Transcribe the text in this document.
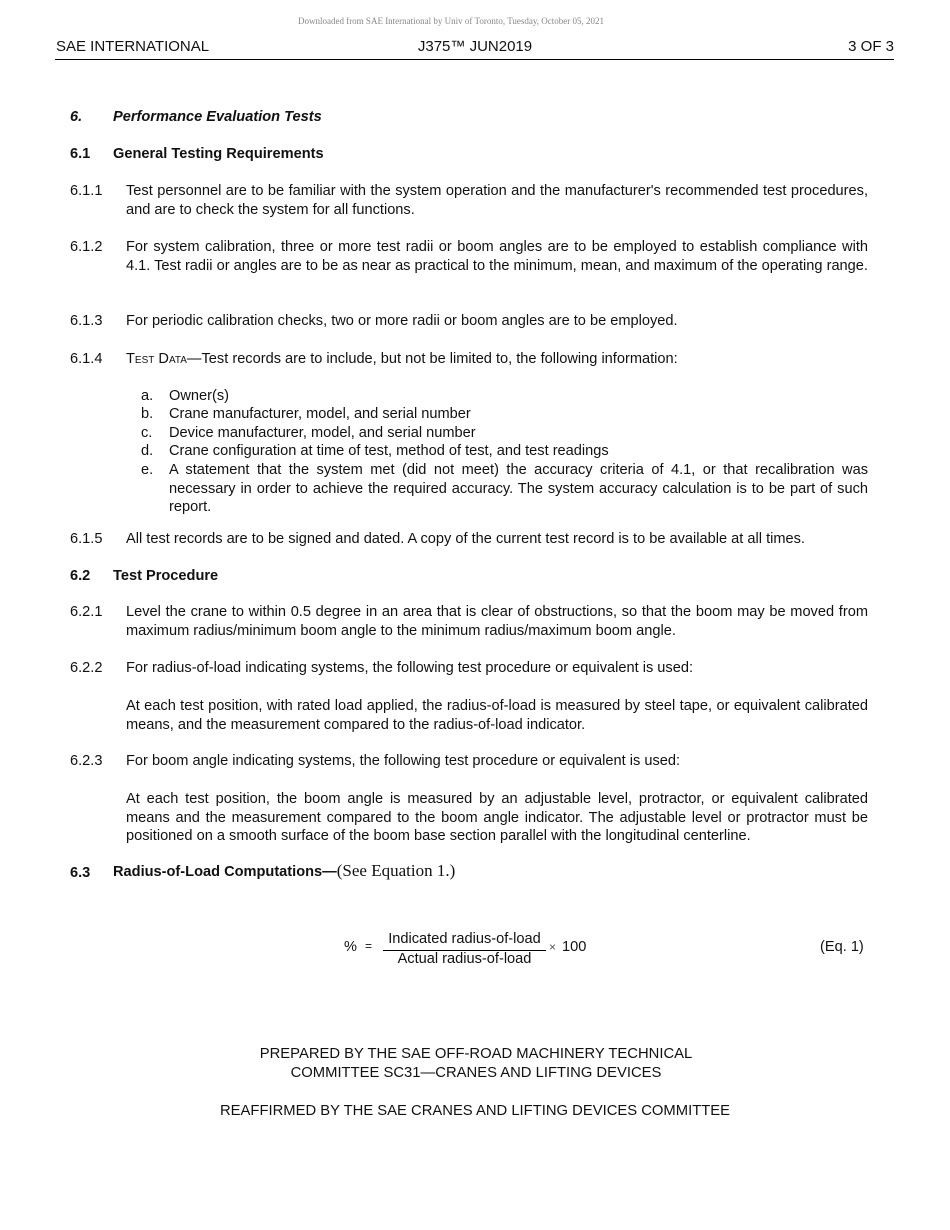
Downloaded from SAE International by Univ of Toronto, Tuesday, October 05, 2021
SAE INTERNATIONAL	J375™ JUN2019	3 OF 3
6. Performance Evaluation Tests
6.1 General Testing Requirements
6.1.1 Test personnel are to be familiar with the system operation and the manufacturer's recommended test procedures, and are to check the system for all functions.
6.1.2 For system calibration, three or more test radii or boom angles are to be employed to establish compliance with 4.1. Test radii or angles are to be as near as practical to the minimum, mean, and maximum of the operating range.
6.1.3 For periodic calibration checks, two or more radii or boom angles are to be employed.
6.1.4 Test Data—Test records are to include, but not be limited to, the following information:
a. Owner(s)
b. Crane manufacturer, model, and serial number
c. Device manufacturer, model, and serial number
d. Crane configuration at time of test, method of test, and test readings
e. A statement that the system met (did not meet) the accuracy criteria of 4.1, or that recalibration was necessary in order to achieve the required accuracy. The system accuracy calculation is to be part of such report.
6.1.5 All test records are to be signed and dated. A copy of the current test record is to be available at all times.
6.2 Test Procedure
6.2.1 Level the crane to within 0.5 degree in an area that is clear of obstructions, so that the boom may be moved from maximum radius/minimum boom angle to the minimum radius/maximum boom angle.
6.2.2 For radius-of-load indicating systems, the following test procedure or equivalent is used:
At each test position, with rated load applied, the radius-of-load is measured by steel tape, or equivalent calibrated means, and the measurement compared to the radius-of-load indicator.
6.2.3 For boom angle indicating systems, the following test procedure or equivalent is used:
At each test position, the boom angle is measured by an adjustable level, protractor, or equivalent calibrated means and the measurement compared to the boom angle indicator. The adjustable level or protractor must be positioned on a smooth surface of the boom base section parallel with the longitudinal centerline.
6.3 Radius-of-Load Computations—(See Equation 1.)
% =	Indicated radius-of-load
Actual radius-of-load
× 100	(Eq. 1)
PREPARED BY THE SAE OFF-ROAD MACHINERY TECHNICAL
COMMITTEE SC31—CRANES AND LIFTING DEVICES
REAFFIRMED BY THE SAE CRANES AND LIFTING DEVICES COMMITTEE
